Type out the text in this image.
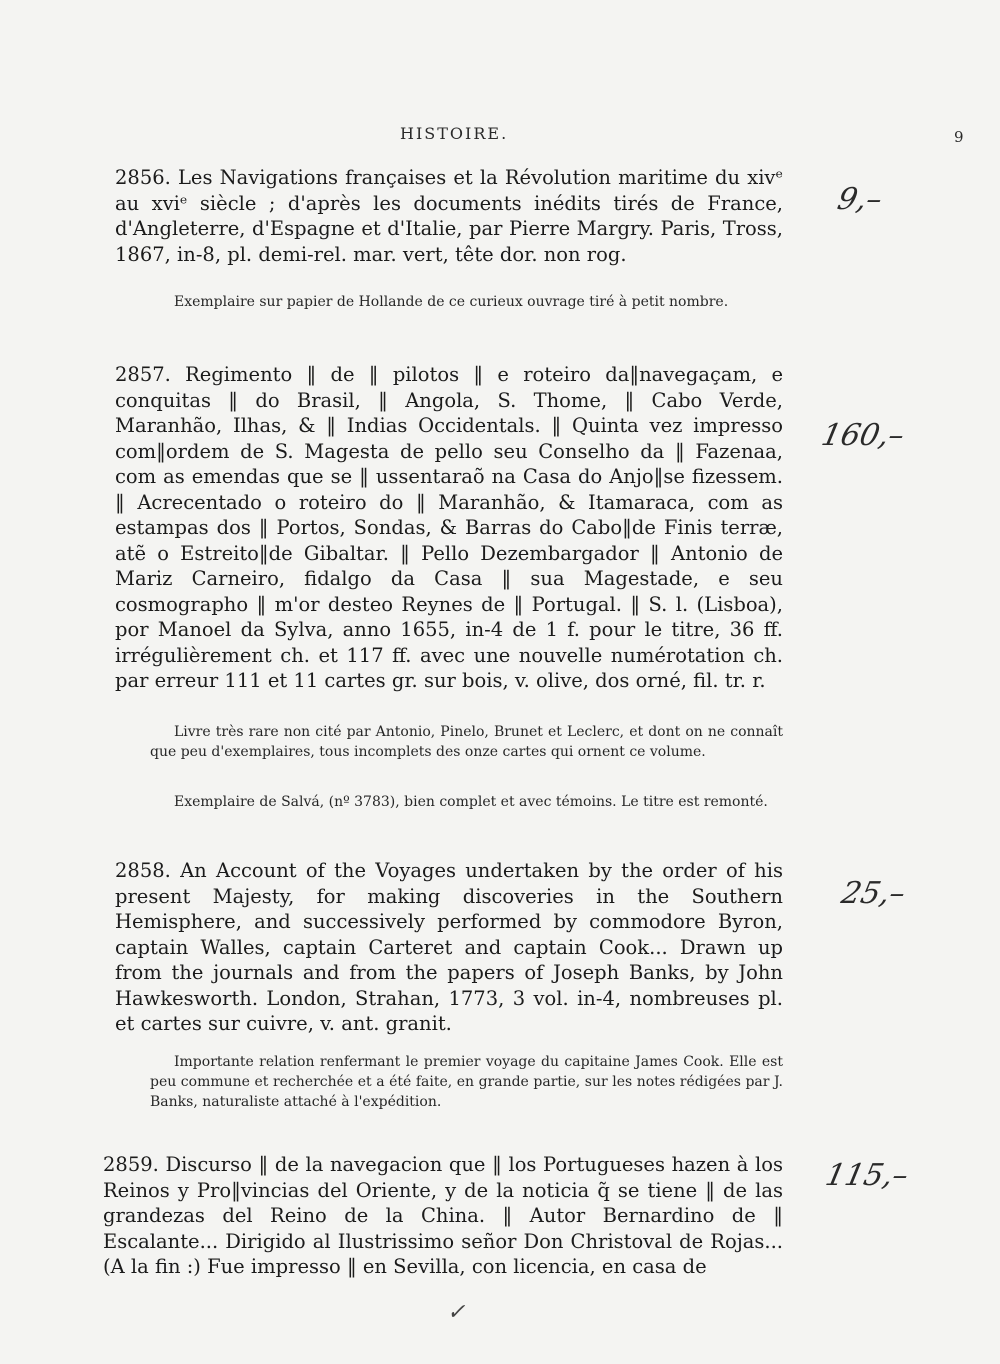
HISTOIRE.	9
2856. Les Navigations françaises et la Révolution maritime du xivᵉ au xviᵉ siècle ; d'après les documents inédits tirés de France, d'Angleterre, d'Espagne et d'Italie, par Pierre Margry. Paris, Tross, 1867, in-8, pl. demi-rel. mar. vert, tête dor. non rog.
Exemplaire sur papier de Hollande de ce curieux ouvrage tiré à petit nombre.
9,–
2857. Regimento ‖ de ‖ pilotos ‖ e roteiro da‖navegaçam, e conquitas ‖ do Brasil, ‖ Angola, S. Thome, ‖ Cabo Verde, Maranhão, Ilhas, & ‖ Indias Occidentals. ‖ Quinta vez impresso com‖ordem de S. Magesta de pello seu Conselho da ‖ Fazenaa, com as emendas que se ‖ ussentaraõ na Casa do Anjo‖se fizessem. ‖ Acrecentado o roteiro do ‖ Maranhão, & Itamaraca, com as estampas dos ‖ Portos, Sondas, & Barras do Cabo‖de Finis terræ, atẽ o Estreito‖de Gibaltar. ‖ Pello Dezembargador ‖ Antonio de Mariz Carneiro, fidalgo da Casa ‖ sua Magestade, e seu cosmographo ‖ m'or desteo Reynes de ‖ Portugal. ‖ S. l. (Lisboa), por Manoel da Sylva, anno 1655, in-4 de 1 f. pour le titre, 36 ff. irrégulièrement ch. et 117 ff. avec une nouvelle numérotation ch. par erreur 111 et 11 cartes gr. sur bois, v. olive, dos orné, fil. tr. r.
Livre très rare non cité par Antonio, Pinelo, Brunet et Leclerc, et dont on ne connaît que peu d'exemplaires, tous incomplets des onze cartes qui ornent ce volume.
Exemplaire de Salvá, (nº 3783), bien complet et avec témoins. Le titre est remonté.
160,–
2858. An Account of the Voyages undertaken by the order of his present Majesty, for making discoveries in the Southern Hemisphere, and successively performed by commodore Byron, captain Walles, captain Carteret and captain Cook... Drawn up from the journals and from the papers of Joseph Banks, by John Hawkesworth. London, Strahan, 1773, 3 vol. in-4, nombreuses pl. et cartes sur cuivre, v. ant. granit.
Importante relation renfermant le premier voyage du capitaine James Cook. Elle est peu commune et recherchée et a été faite, en grande partie, sur les notes rédigées par J. Banks, naturaliste attaché à l'expédition.
25,–
2859. Discurso ‖ de la navegacion que ‖ los Portugueses hazen à los Reinos y Pro‖vincias del Oriente, y de la noticia q̃ se tiene ‖ de las grandezas del Reino de la China. ‖ Autor Bernardino de ‖ Escalante... Dirigido al Ilustrissimo señor Don Christoval de Rojas... (A la fin :) Fue impresso ‖ en Sevilla, con licencia, en casa de
115,–
✓
